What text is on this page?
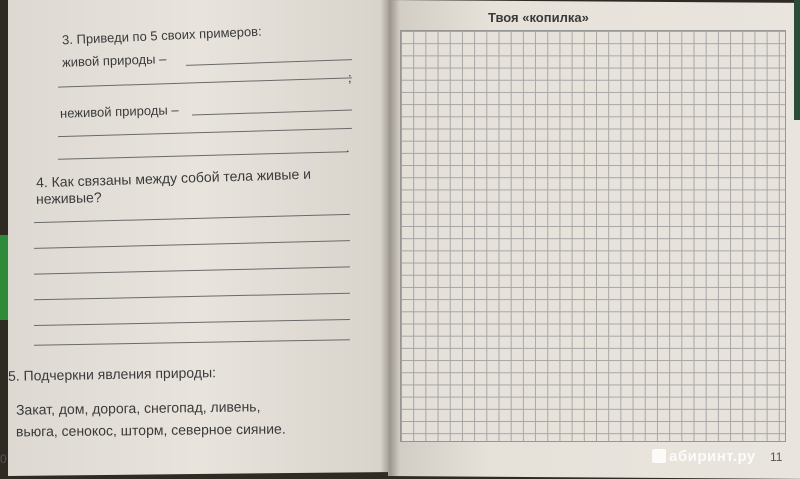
3. Приведи по 5 своих примеров:
живой природы –
;
неживой природы –
.
4. Как связаны между собой тела живые и
неживые?
5. Подчеркни явления природы:
Закат, дом, дорога, снегопад, ливень,
вьюга, сенокос, шторм, северное сияние.
0
Твоя «копилка»
11
абиринт.ру
